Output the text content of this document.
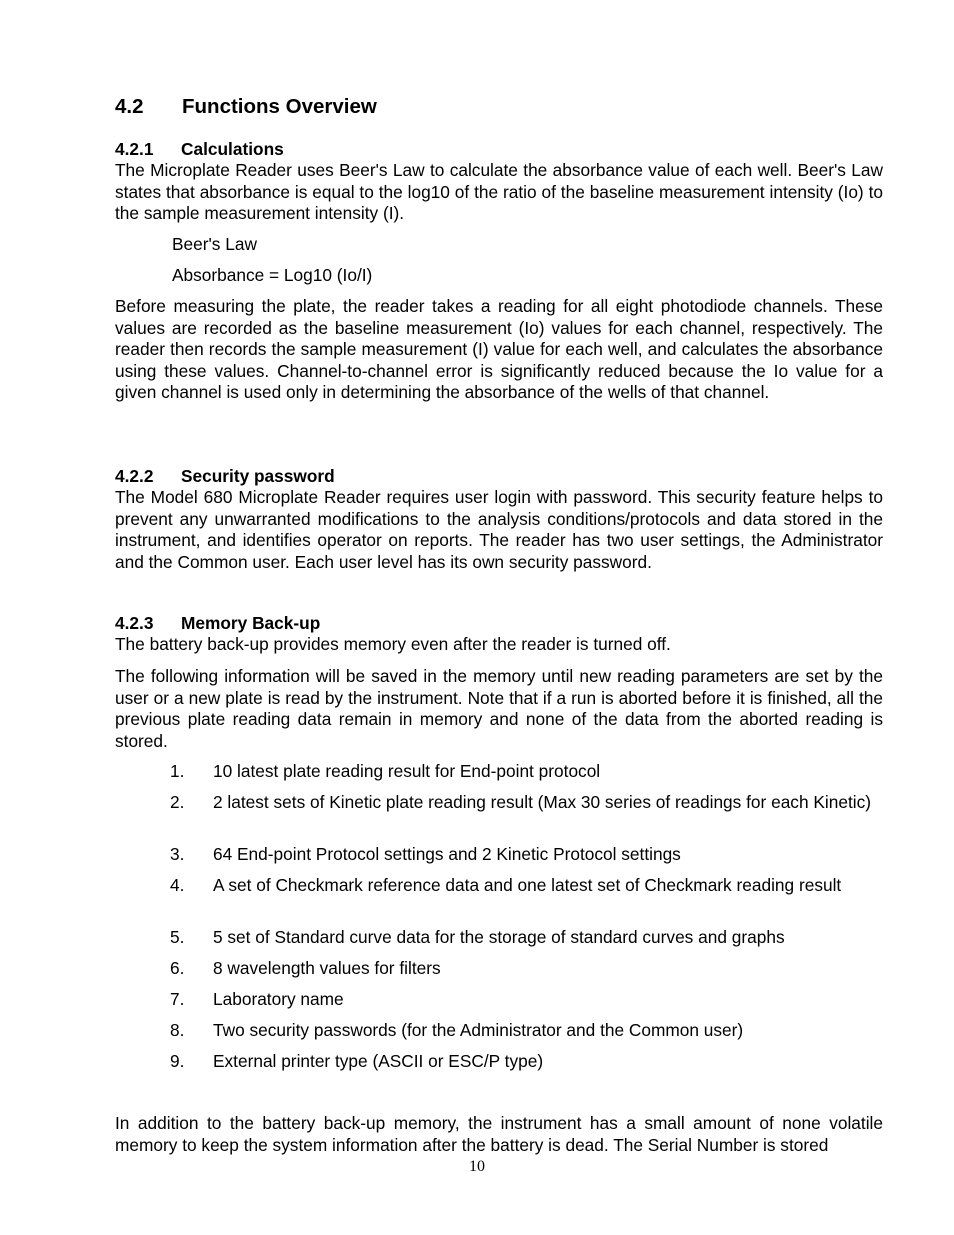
4.2 Functions Overview
4.2.1 Calculations
The Microplate Reader uses Beer's Law to calculate the absorbance value of each well. Beer's Law states that absorbance is equal to the log10 of the ratio of the baseline measurement intensity (Io) to the sample measurement intensity (I).
Beer's Law
Absorbance = Log10 (Io/I)
Before measuring the plate, the reader takes a reading for all eight photodiode channels. These values are recorded as the baseline measurement (Io) values for each channel, respectively. The reader then records the sample measurement (I) value for each well, and calculates the absorbance using these values. Channel-to-channel error is significantly reduced because the Io value for a given channel is used only in determining the absorbance of the wells of that channel.
4.2.2 Security password
The Model 680 Microplate Reader requires user login with password. This security feature helps to prevent any unwarranted modifications to the analysis conditions/protocols and data stored in the instrument, and identifies operator on reports. The reader has two user settings, the Administrator and the Common user. Each user level has its own security password.
4.2.3 Memory Back-up
The battery back-up provides memory even after the reader is turned off.
The following information will be saved in the memory until new reading parameters are set by the user or a new plate is read by the instrument. Note that if a run is aborted before it is finished, all the previous plate reading data remain in memory and none of the data from the aborted reading is stored.
1.	10 latest plate reading result for End-point protocol
2.	2 latest sets of Kinetic plate reading result (Max 30 series of readings for each Kinetic)
3.	64 End-point Protocol settings and 2 Kinetic Protocol settings
4.	A set of Checkmark reference data and one latest set of Checkmark reading result
5.	5 set of Standard curve data for the storage of standard curves and graphs
6.	8 wavelength values for filters
7.	Laboratory name
8.	Two security passwords (for the Administrator and the Common user)
9.	External printer type (ASCII or ESC/P type)
In addition to the battery back-up memory, the instrument has a small amount of none volatile memory to keep the system information after the battery is dead. The Serial Number is stored
10
